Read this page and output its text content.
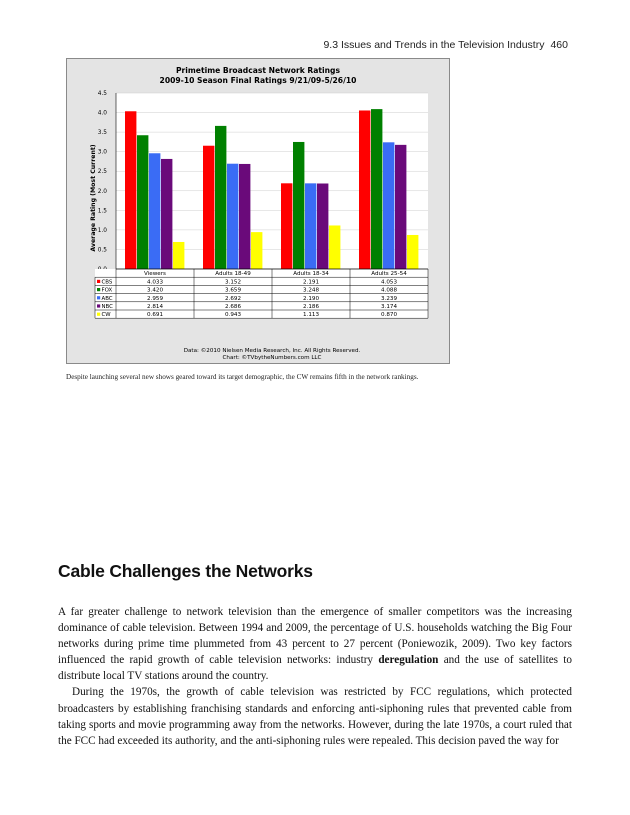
9.3 Issues and Trends in the Television Industry 460
Primetime Broadcast Network Ratings
2009-10 Season Final Ratings 9/21/09-5/26/10
Average Rating (Most Current) 0.5
1.0
1.5
2.0
2.5
3.0
3.5
4.0
4.5
Viewers	Adults 18-49	Adults 18-34	Adults 25-54
CBS	4.033	3.152	2.191	4.053
FOX	3.420	3.659	3.248	4.088
ABC	2.959	2.692	2.190	3.239
NBC	2.814	2.686	2.186	3.174
CW	0.691	0.943	1.113	0.870
Data: ©2010 Nielsen Media Research, Inc. All Rights Reserved.
Chart: ©TVbytheNumbers.com LLC
Despite launching several new shows geared toward its target demographic, the CW remains fifth in the network rankings.
Cable Challenges the Networks

A far greater challenge to network television than the emergence of smaller competitors was the increasing dominance of cable television. Between 1994 and 2009, the percentage of U.S. households watching the Big Four networks during prime time plummeted from 43 percent to 27 percent (Poniewozik, 2009). Two key factors influenced the rapid growth of cable television networks: industry deregulation and the use of satellites to distribute local TV stations around the country.

During the 1970s, the growth of cable television was restricted by FCC regulations, which protected broadcasters by establishing franchising standards and enforcing anti-siphoning rules that prevented cable from taking sports and movie programming away from the networks. However, during the late 1970s, a court ruled that the FCC had exceeded its authority, and the anti-siphoning rules were repealed. This decision paved the way for
